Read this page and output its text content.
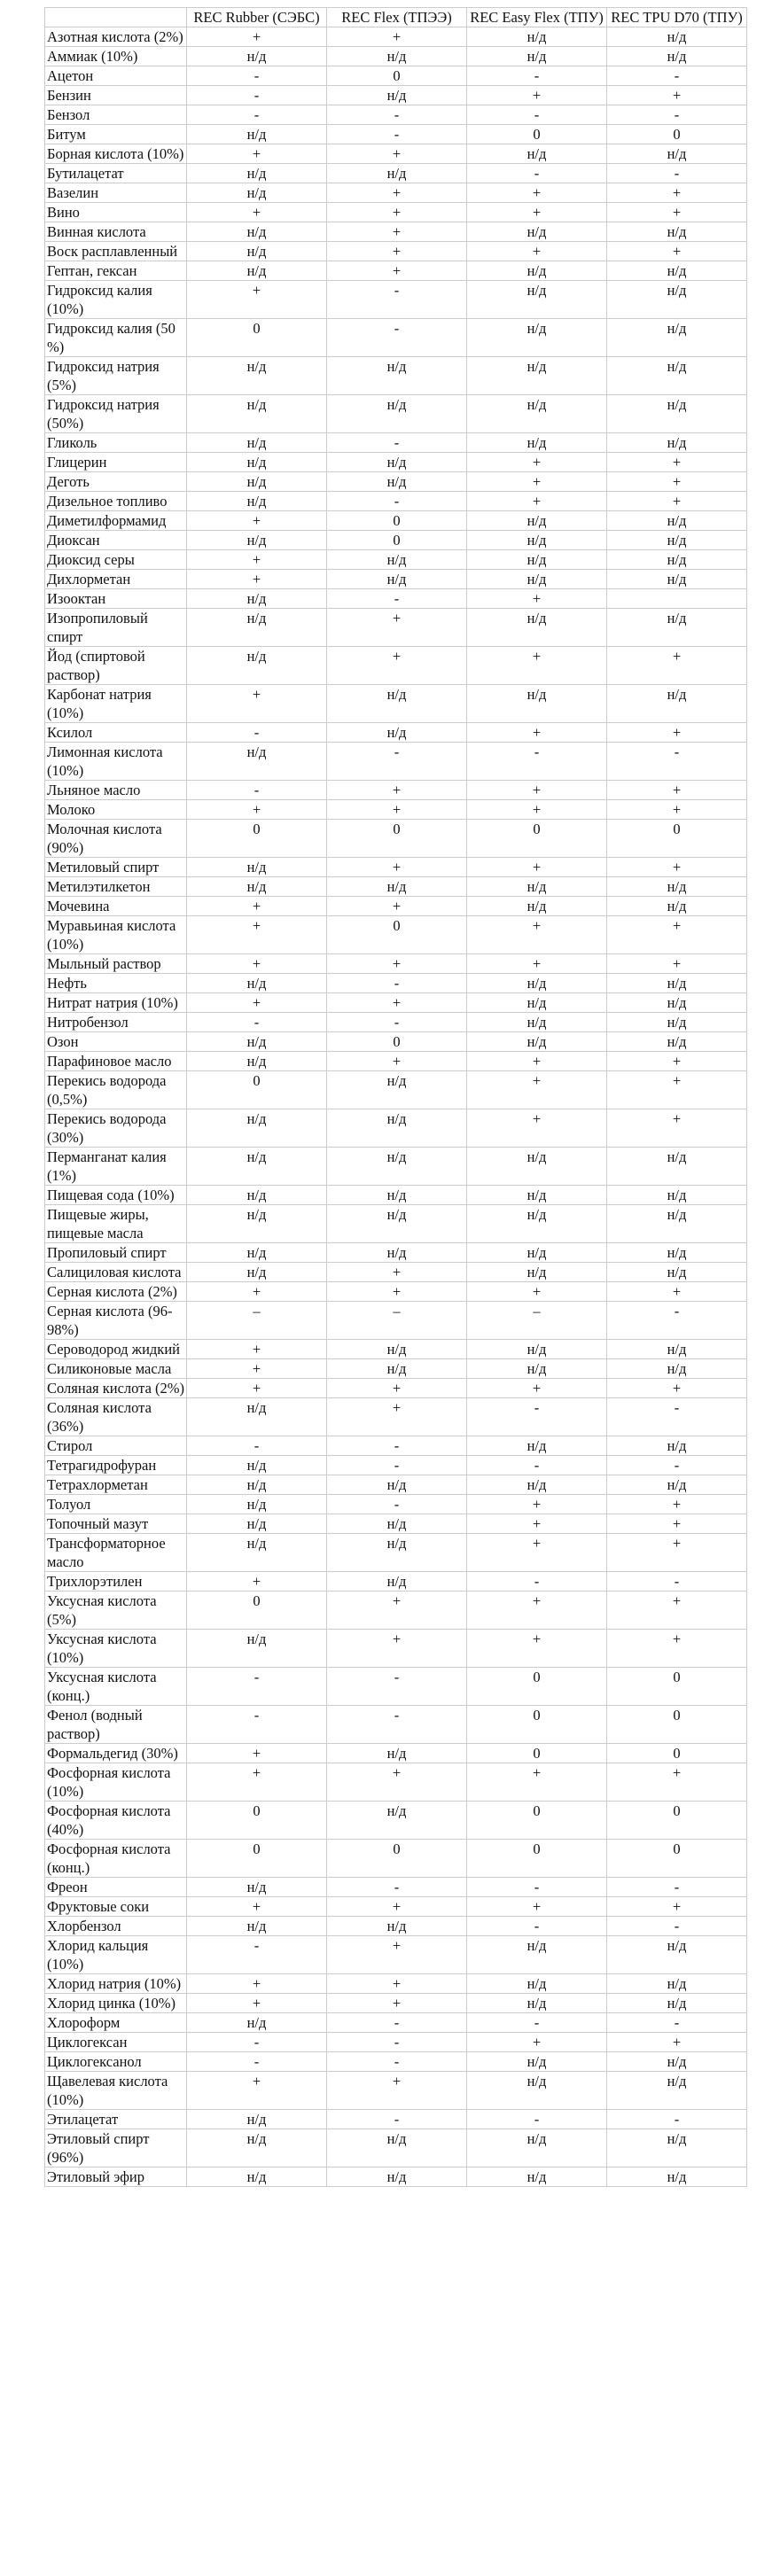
	REC Rubber (СЭБС)	REC Flex (ТПЭЭ)	REC Easy Flex (ТПУ)	REC TPU D70 (ТПУ)
Азотная кислота (2%)	+	+	н/д	н/д
Аммиак (10%)	н/д	н/д	н/д	н/д
Ацетон	-	0	-	-
Бензин	-	н/д	+	+
Бензол	-	-	-	-
Битум	н/д	-	0	0
Борная кислота (10%)	+	+	н/д	н/д
Бутилацетат	н/д	н/д	-	-
Вазелин	н/д	+	+	+
Вино	+	+	+	+
Винная кислота	н/д	+	н/д	н/д
Воск расплавленный	н/д	+	+	+
Гептан, гексан	н/д	+	н/д	н/д
Гидроксид калия (10%)	+	-	н/д	н/д
Гидроксид калия (50 %)	0	-	н/д	н/д
Гидроксид натрия (5%)	н/д	н/д	н/д	н/д
Гидроксид натрия (50%)	н/д	н/д	н/д	н/д
Гликоль	н/д	-	н/д	н/д
Глицерин	н/д	н/д	+	+
Деготь	н/д	н/д	+	+
Дизельное топливо	н/д	-	+	+
Диметилформамид	+	0	н/д	н/д
Диоксан	н/д	0	н/д	н/д
Диоксид серы	+	н/д	н/д	н/д
Дихлорметан	+	н/д	н/д	н/д
Изооктан	н/д	-	+	
Изопропиловый спирт	н/д	+	н/д	н/д
Йод (спиртовой раствор)	н/д	+	+	+
Карбонат натрия (10%)	+	н/д	н/д	н/д
Ксилол	-	н/д	+	+
Лимонная кислота (10%)	н/д	-	-	-
Льняное масло	-	+	+	+
Молоко	+	+	+	+
Молочная кислота (90%)	0	0	0	0
Метиловый спирт	н/д	+	+	+
Метилэтилкетон	н/д	н/д	н/д	н/д
Мочевина	+	+	н/д	н/д
Муравьиная кислота (10%)	+	0	+	+
Мыльный раствор	+	+	+	+
Нефть	н/д	-	н/д	н/д
Нитрат натрия (10%)	+	+	н/д	н/д
Нитробензол	-	-	н/д	н/д
Озон	н/д	0	н/д	н/д
Парафиновое масло	н/д	+	+	+
Перекись водорода (0,5%)	0	н/д	+	+
Перекись водорода (30%)	н/д	н/д	+	+
Перманганат калия (1%)	н/д	н/д	н/д	н/д
Пищевая сода (10%)	н/д	н/д	н/д	н/д
Пищевые жиры, пищевые масла	н/д	н/д	н/д	н/д
Пропиловый спирт	н/д	н/д	н/д	н/д
Салициловая кислота	н/д	+	н/д	н/д
Серная кислота (2%)	+	+	+	+
Серная кислота (96-98%)	–	–	–	-
Сероводород жидкий	+	н/д	н/д	н/д
Силиконовые масла	+	н/д	н/д	н/д
Соляная кислота (2%)	+	+	+	+
Соляная кислота (36%)	н/д	+	-	-
Стирол	-	-	н/д	н/д
Тетрагидрофуран	н/д	-	-	-
Тетрахлорметан	н/д	н/д	н/д	н/д
Толуол	н/д	-	+	+
Топочный мазут	н/д	н/д	+	+
Трансформаторное масло	н/д	н/д	+	+
Трихлорэтилен	+	н/д	-	-
Уксусная кислота (5%)	0	+	+	+
Уксусная кислота (10%)	н/д	+	+	+
Уксусная кислота (конц.)	-	-	0	0
Фенол (водный раствор)	-	-	0	0
Формальдегид (30%)	+	н/д	0	0
Фосфорная кислота (10%)	+	+	+	+
Фосфорная кислота (40%)	0	н/д	0	0
Фосфорная кислота (конц.)	0	0	0	0
Фреон	н/д	-	-	-
Фруктовые соки	+	+	+	+
Хлорбензол	н/д	н/д	-	-
Хлорид кальция (10%)	-	+	н/д	н/д
Хлорид натрия (10%)	+	+	н/д	н/д
Хлорид цинка (10%)	+	+	н/д	н/д
Хлороформ	н/д	-	-	-
Циклогексан	-	-	+	+
Циклогексанол	-	-	н/д	н/д
Щавелевая кислота (10%)	+	+	н/д	н/д
Этилацетат	н/д	-	-	-
Этиловый спирт (96%)	н/д	н/д	н/д	н/д
Этиловый эфир	н/д	н/д	н/д	н/д
